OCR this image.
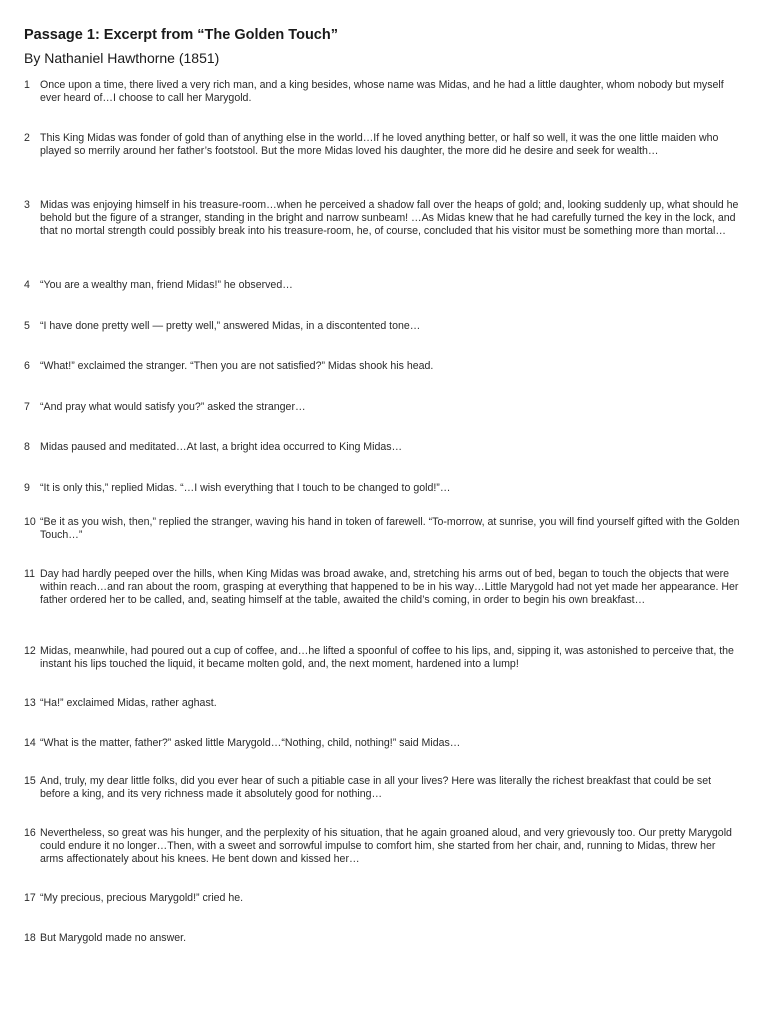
Passage 1: Excerpt from “The Golden Touch”
By Nathaniel Hawthorne (1851)
1 Once upon a time, there lived a very rich man, and a king besides, whose name was Midas, and he had a little daughter, whom nobody but myself ever heard of…I choose to call her Marygold.
2 This King Midas was fonder of gold than of anything else in the world…If he loved anything better, or half so well, it was the one little maiden who played so merrily around her father’s footstool. But the more Midas loved his daughter, the more did he desire and seek for wealth…
3 Midas was enjoying himself in his treasure-room…when he perceived a shadow fall over the heaps of gold; and, looking suddenly up, what should he behold but the figure of a stranger, standing in the bright and narrow sunbeam! …As Midas knew that he had carefully turned the key in the lock, and that no mortal strength could possibly break into his treasure-room, he, of course, concluded that his visitor must be something more than mortal…
4 “You are a wealthy man, friend Midas!” he observed…
5 “I have done pretty well — pretty well,” answered Midas, in a discontented tone…
6 “What!” exclaimed the stranger. “Then you are not satisfied?” Midas shook his head.
7 “And pray what would satisfy you?” asked the stranger…
8 Midas paused and meditated…At last, a bright idea occurred to King Midas…
9 “It is only this,” replied Midas. “…I wish everything that I touch to be changed to gold!”…
10 “Be it as you wish, then,” replied the stranger, waving his hand in token of farewell. “To-morrow, at sunrise, you will find yourself gifted with the Golden Touch…”
11 Day had hardly peeped over the hills, when King Midas was broad awake, and, stretching his arms out of bed, began to touch the objects that were within reach…and ran about the room, grasping at everything that happened to be in his way…Little Marygold had not yet made her appearance. Her father ordered her to be called, and, seating himself at the table, awaited the child’s coming, in order to begin his own breakfast…
12 Midas, meanwhile, had poured out a cup of coffee, and…he lifted a spoonful of coffee to his lips, and, sipping it, was astonished to perceive that, the instant his lips touched the liquid, it became molten gold, and, the next moment, hardened into a lump!
13 “Ha!” exclaimed Midas, rather aghast.
14 “What is the matter, father?” asked little Marygold…“Nothing, child, nothing!” said Midas…
15 And, truly, my dear little folks, did you ever hear of such a pitiable case in all your lives? Here was literally the richest breakfast that could be set before a king, and its very richness made it absolutely good for nothing…
16 Nevertheless, so great was his hunger, and the perplexity of his situation, that he again groaned aloud, and very grievously too. Our pretty Marygold could endure it no longer…Then, with a sweet and sorrowful impulse to comfort him, she started from her chair, and, running to Midas, threw her arms affectionately about his knees. He bent down and kissed her…
17 “My precious, precious Marygold!” cried he.
18 But Marygold made no answer.
